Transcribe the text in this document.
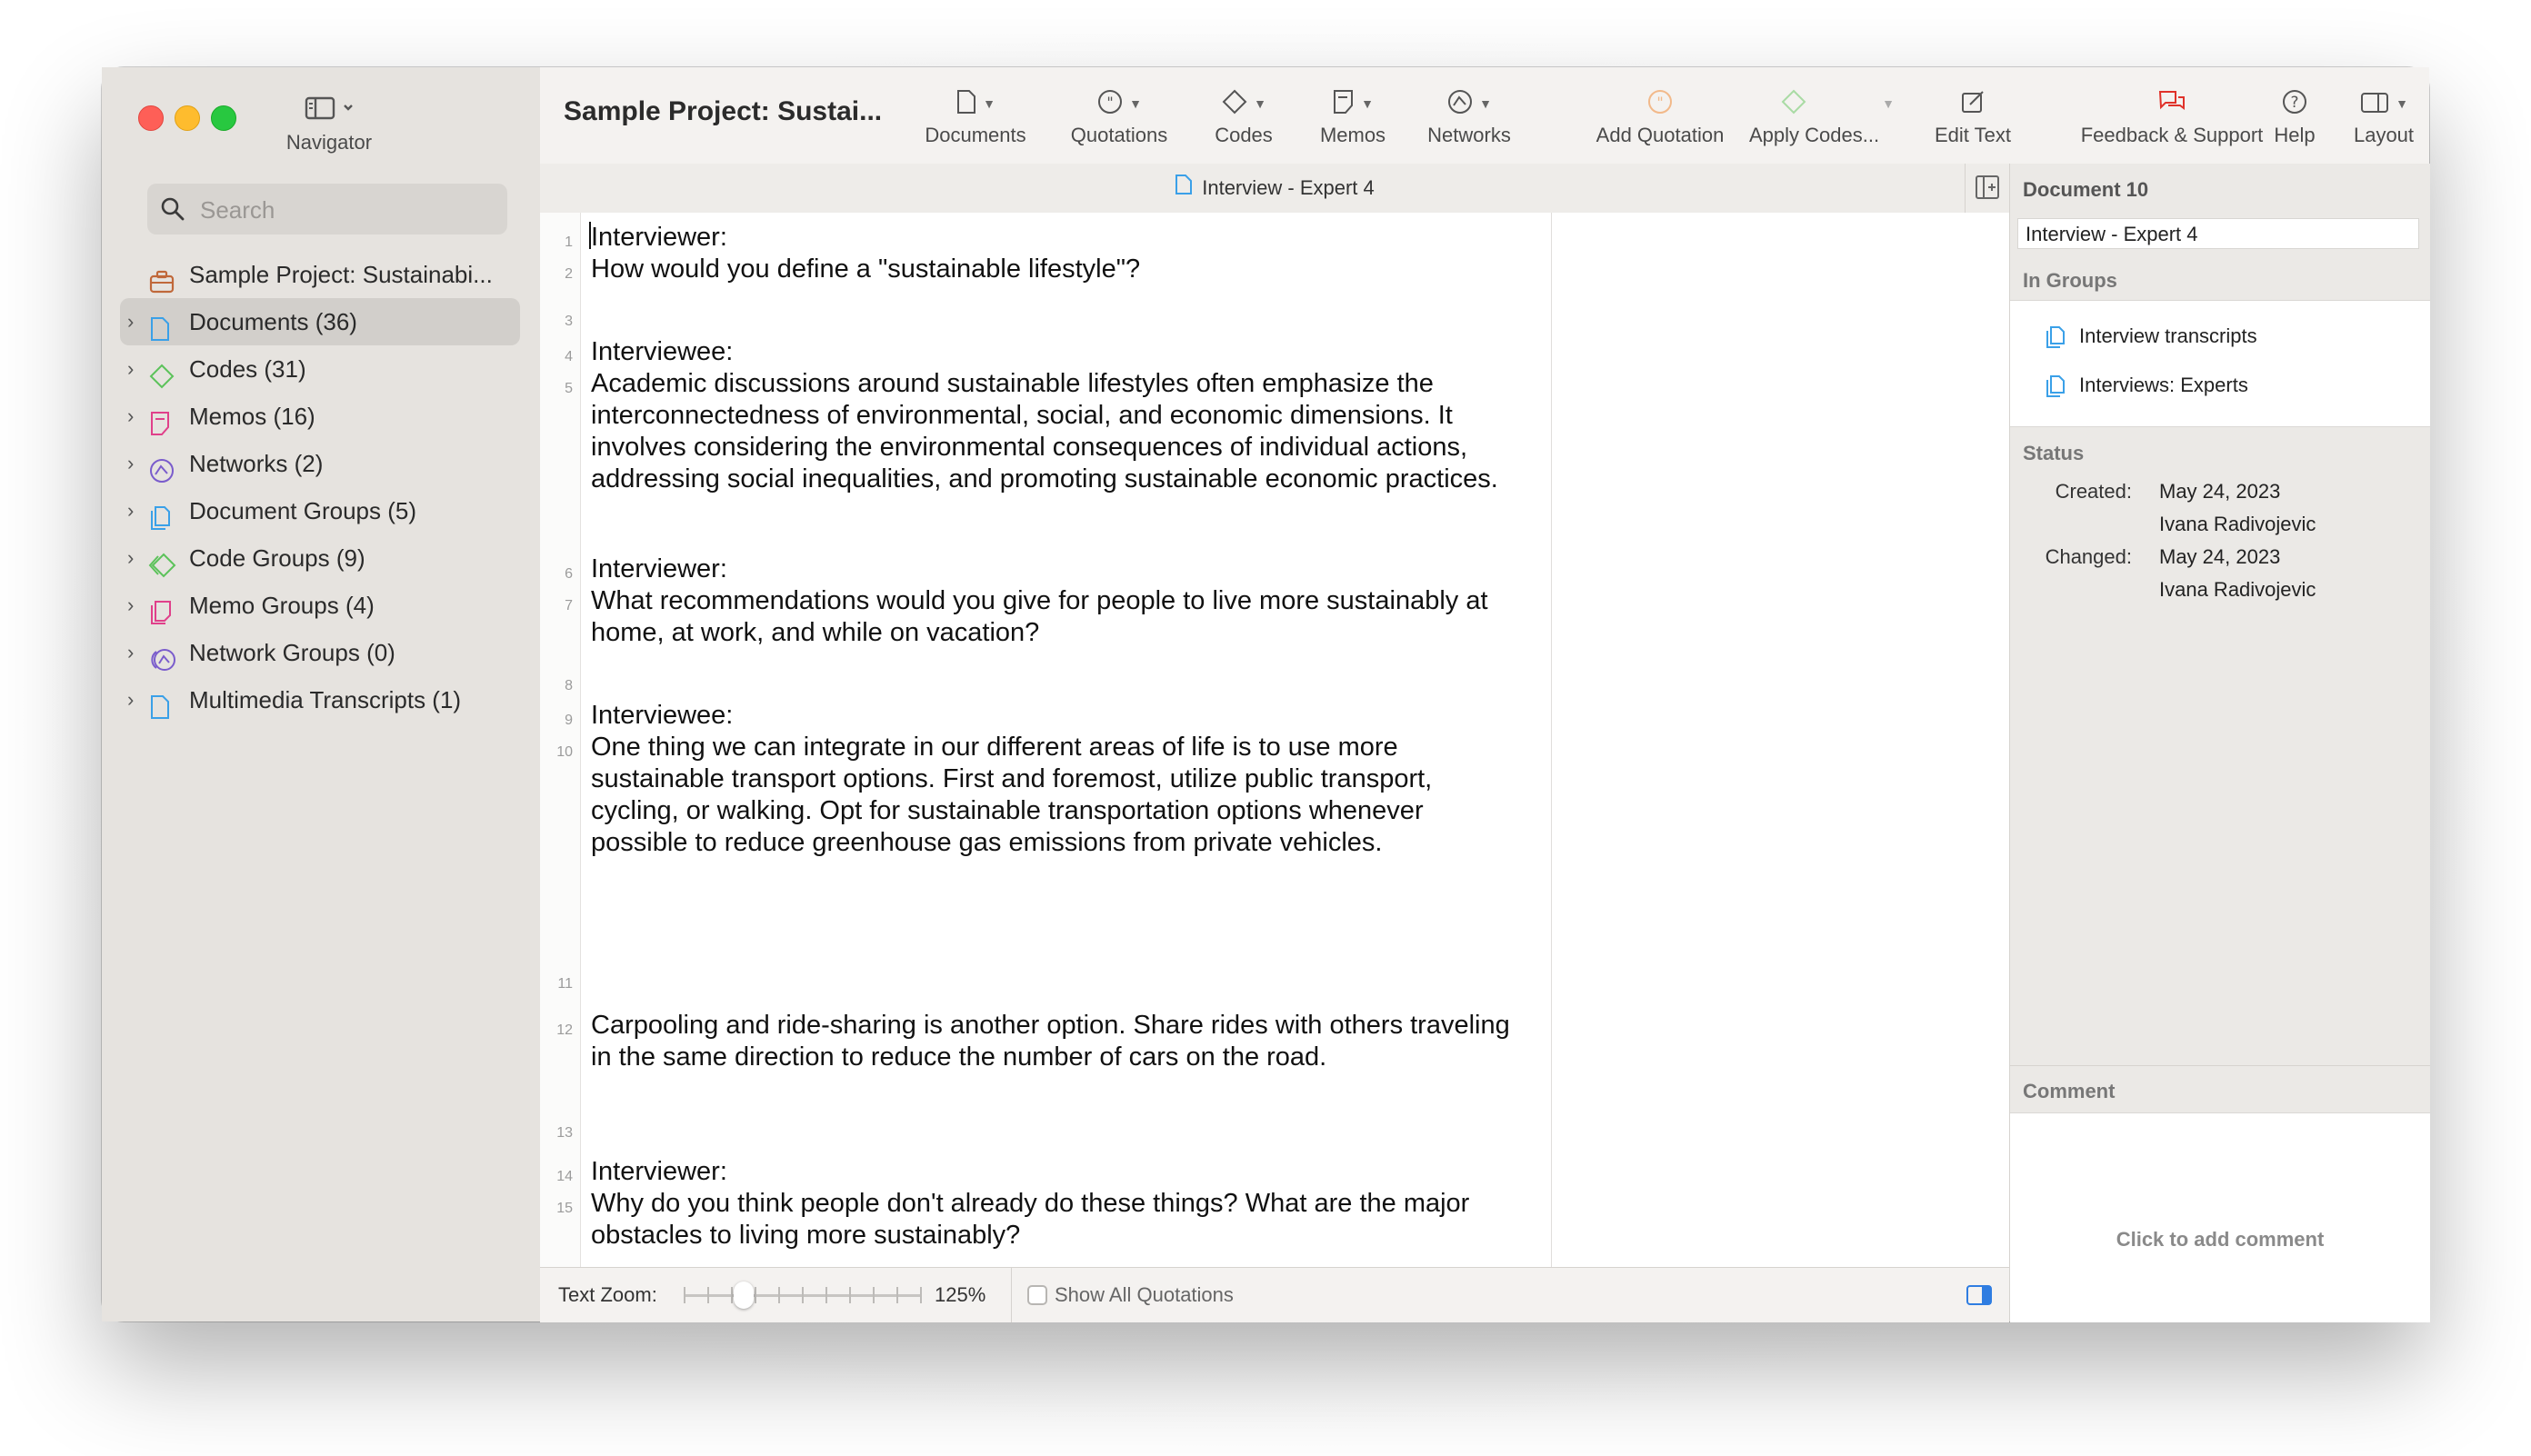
Navigator
Search
Sample Project: Sustainabi...
›	Documents (36)
›	Codes (31)
›	Memos (16)
›	Networks (2)
›	Document Groups (5)
›	Code Groups (9)
›	Memo Groups (4)
›	Network Groups (0)
›	Multimedia Transcripts (1)
Sample Project: Sustai...	▼
Documents
" ▼
Quotations
▼
Codes
▼
Memos
▼
Networks
"
Add Quotation
▼
Apply Codes...	Edit Text	Feedback & Support
?
Help
▼
Layout
Interview - Expert 4
1 Interviewer:
2 How would you define a "sustainable lifestyle"?
3
4 Interviewee:
5 Academic discussions around sustainable lifestyles often emphasize the interconnectedness of environmental, social, and economic dimensions. It involves considering the environmental consequences of individual actions, addressing social inequalities, and promoting sustainable economic practices.
6 Interviewer:
7 What recommendations would you give for people to live more sustainably at home, at work, and while on vacation?
8
9 Interviewee:
10 One thing we can integrate in our different areas of life is to use more sustainable transport options. First and foremost, utilize public transport, cycling, or walking. Opt for sustainable transportation options whenever possible to reduce greenhouse gas emissions from private vehicles.
11
12 Carpooling and ride-sharing is another option. Share rides with others traveling in the same direction to reduce the number of cars on the road.
13
14 Interviewer:
15 Why do you think people don't already do these things? What are the major obstacles to living more sustainably?
Text Zoom:	125%	Show All Quotations
Document 10
Interview - Expert 4
In Groups
Interview transcripts
Interviews: Experts
Status
Created: May 24, 2023
Ivana Radivojevic
Changed: May 24, 2023
Ivana Radivojevic
Comment
Click to add comment
